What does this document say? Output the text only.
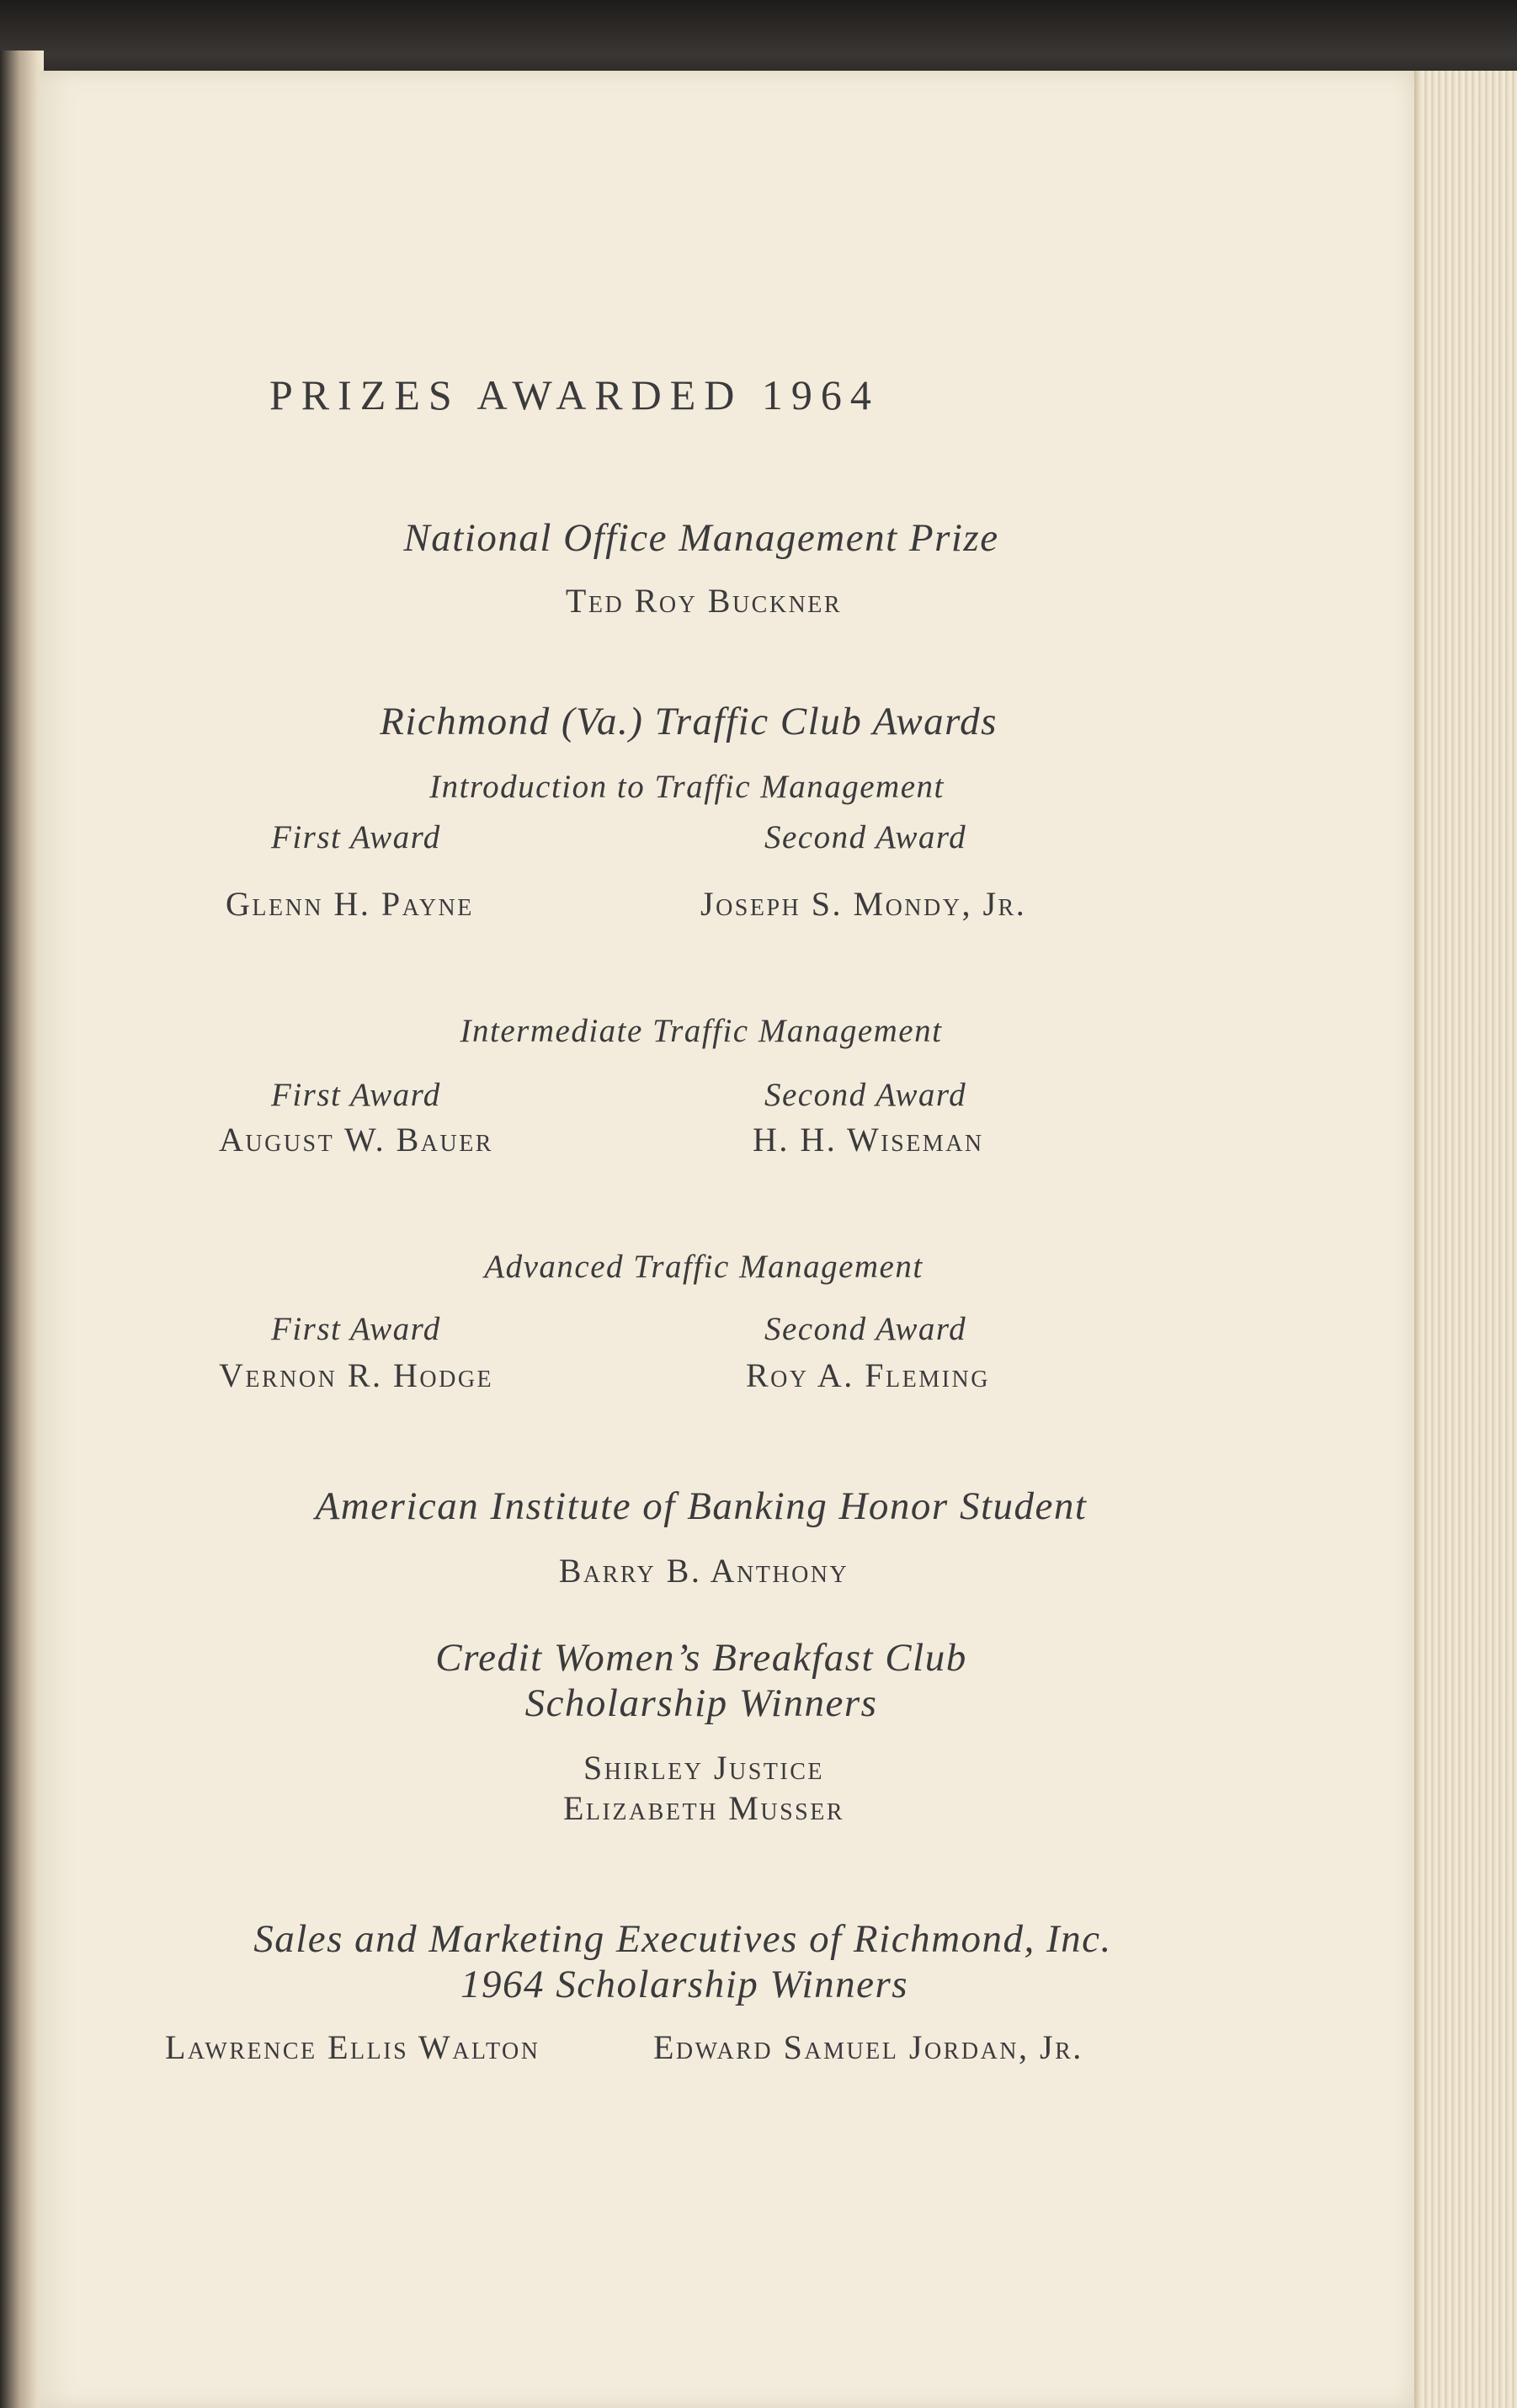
PRIZES AWARDED 1964
National Office Management Prize
Ted Roy Buckner
Richmond (Va.) Traffic Club Awards
Introduction to Traffic Management
First Award	Second Award
Glenn H. Payne	Joseph S. Mondy, Jr.
Intermediate Traffic Management
First Award	Second Award
August W. Bauer	H. H. Wiseman
Advanced Traffic Management
First Award	Second Award
Vernon R. Hodge	Roy A. Fleming
American Institute of Banking Honor Student
Barry B. Anthony
Credit Women’s Breakfast Club
Scholarship Winners
Shirley Justice
Elizabeth Musser
Sales and Marketing Executives of Richmond, Inc.
1964 Scholarship Winners
Lawrence Ellis Walton	Edward Samuel Jordan, Jr.
